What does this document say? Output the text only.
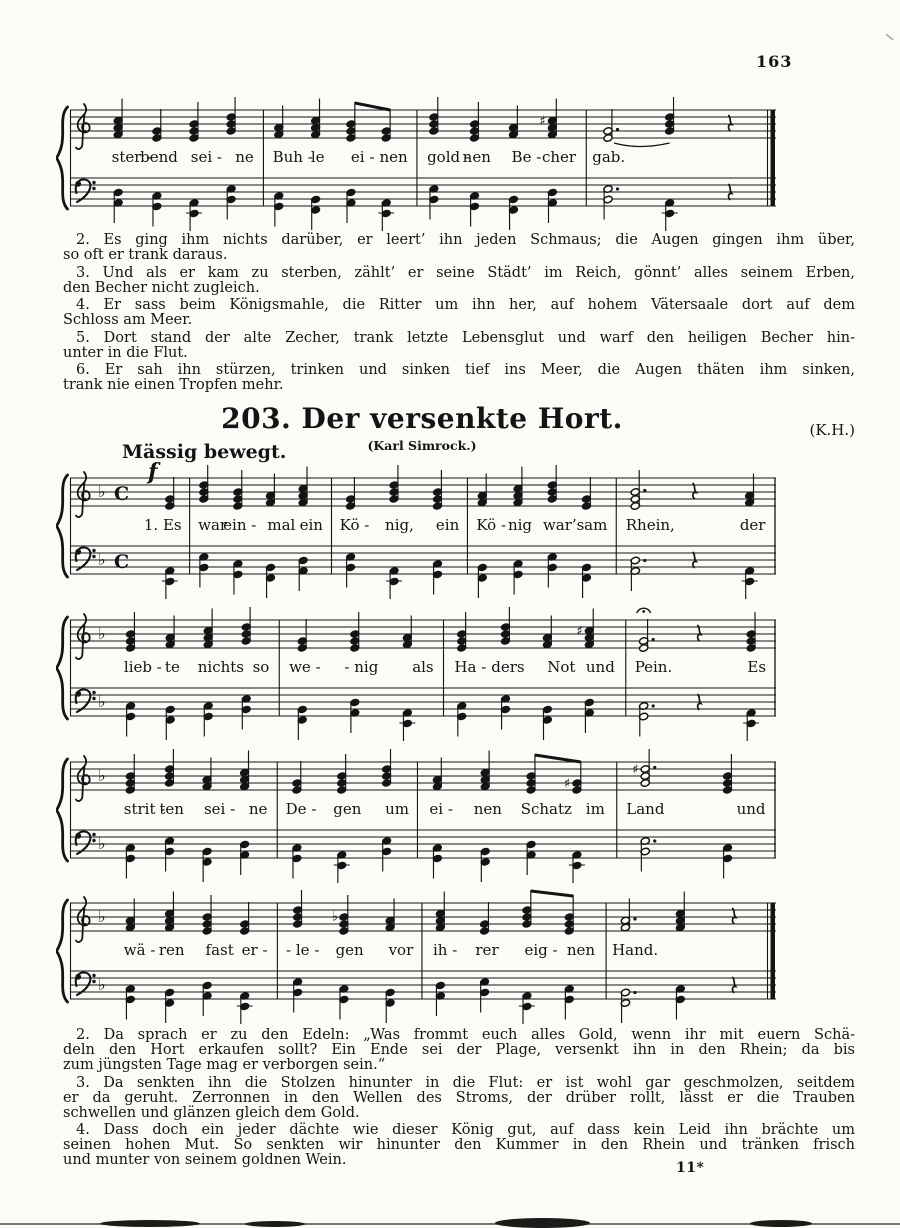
163
ster -
bend sei - ne Buh -
le ei - nen gold -
nen Be - cher
♯
gab.
♭
♭
C
C
f
1. Es war
ein - mal ein Kö - nig, ein Kö - nig war’s am Rhein,	der
♭
♭
lieb - te nichts so we - - nig als Ha - ders Not und
♯
Pein.	Es
♭
♭
strit -
ten sei - ne De - gen um ei - nen Schatz im
♯
Land	und
♯
♭
♭
wä - ren fast er - - le - gen vor
♭
ih - rer eig - nen Hand.
2. Es ging ihm nichts darüber, er leert’ ihn jeden Schmaus; die Augen gingen ihm über,
so oft er trank daraus.
3. Und als er kam zu sterben, zählt’ er seine Städt’ im Reich, gönnt’ alles seinem Erben,
den Becher nicht zugleich.
4. Er sass beim Königsmahle, die Ritter um ihn her, auf hohem Vätersaale dort auf dem
Schloss am Meer.
5. Dort stand der alte Zecher, trank letzte Lebensglut und warf den heiligen Becher hin-
unter in die Flut.
6. Er sah ihn stürzen, trinken und sinken tief ins Meer, die Augen thäten ihm sinken,
trank nie einen Tropfen mehr.
203. Der versenkte Hort.
(Karl Simrock.)
Mässig bewegt.
(K.H.)
2. Da sprach er zu den Edeln: „Was frommt euch alles Gold, wenn ihr mit euern Schä-
deln den Hort erkaufen sollt? Ein Ende sei der Plage, versenkt ihn in den Rhein; da bis
zum jüngsten Tage mag er verborgen sein.“
3. Da senkten ihn die Stolzen hinunter in die Flut: er ist wohl gar geschmolzen, seitdem
er da geruht. Zerronnen in den Wellen des Stroms, der drüber rollt, lässt er die Trauben
schwellen und glänzen gleich dem Gold.
4. Dass doch ein jeder dächte wie dieser König gut, auf dass kein Leid ihn brächte um
seinen hohen Mut. So senkten wir hinunter den Kummer in den Rhein und tränken frisch
und munter von seinem goldnen Wein.	11*
